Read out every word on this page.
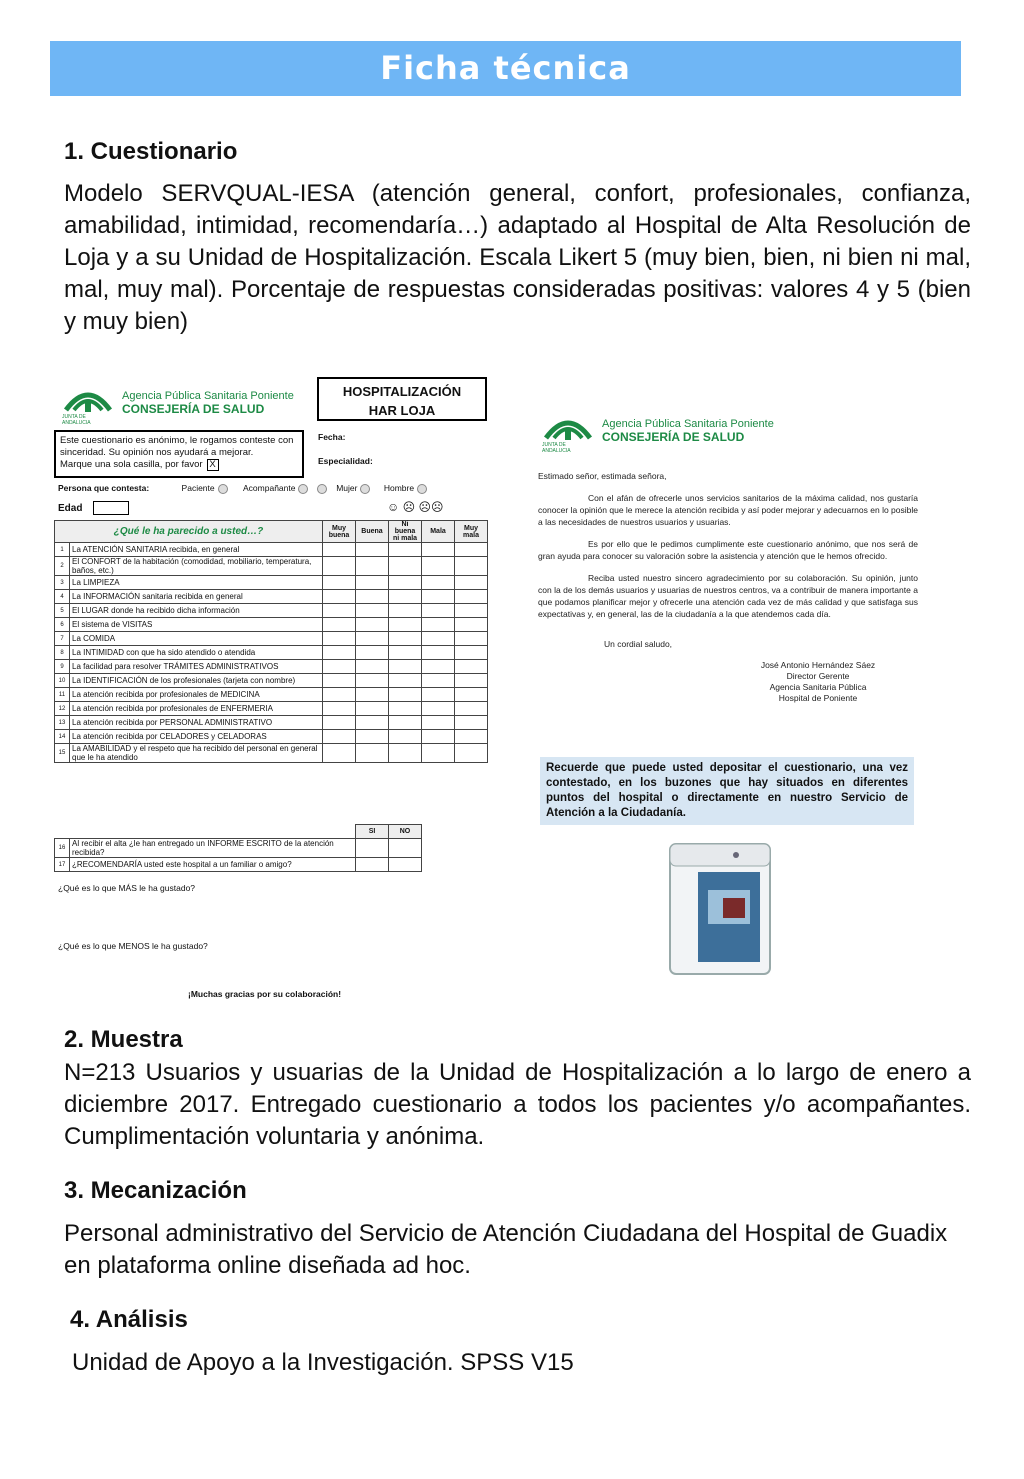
Ficha técnica
1. Cuestionario
Modelo SERVQUAL-IESA (atención general, confort, profesionales, confianza, amabilidad, intimidad, recomendaría…) adaptado al Hospital de Alta Resolución de Loja y a su Unidad de Hospitalización. Escala Likert 5 (muy bien, bien, ni bien ni mal, mal, muy mal). Porcentaje de respuestas consideradas positivas: valores 4 y 5 (bien y muy bien)
JUNTA DE ANDALUCIA
Agencia Pública Sanitaria Poniente
CONSEJERÍA DE SALUD
HOSPITALIZACIÓN
HAR LOJA
Este cuestionario es anónimo, le rogamos conteste con sinceridad. Su opinión nos ayudará a mejorar.
Marque una sola casilla, por favor X
Fecha:
Especialidad:
Persona que contesta:	Paciente	Acompañante	Mujer	Hombre
Edad	☺ ☹ ☹☹
¿Qué le ha parecido a usted…?		Muy buena	Buena	Ni buena ni mala	Mala	Muy mala
1	La ATENCIÓN SANITARIA recibida, en general					
2	El CONFORT de la habitación (comodidad, mobiliario, temperatura, baños, etc.)					
3	La LIMPIEZA					
4	La INFORMACIÓN sanitaria recibida en general					
5	El LUGAR donde ha recibido dicha información					
6	El sistema de VISITAS					
7	La COMIDA					
8	La INTIMIDAD con que ha sido atendido o atendida					
9	La facilidad para resolver TRÁMITES ADMINISTRATIVOS					
10	La IDENTIFICACIÓN de los profesionales (tarjeta con nombre)					
11	La atención recibida por profesionales de MEDICINA					
12	La atención recibida por profesionales de ENFERMERIA					
13	La atención recibida por PERSONAL ADMINISTRATIVO					
14	La atención recibida por CELADORES y CELADORAS					
15	La AMABILIDAD y el respeto que ha recibido del personal en general que le ha atendido					
		SI	NO
16	Al recibir el alta ¿le han entregado un INFORME ESCRITO de la atención recibida?		
17	¿RECOMENDARÍA usted este hospital a un familiar o amigo?		
¿Qué es lo que MÁS le ha gustado?
¿Qué es lo que MENOS le ha gustado?
¡Muchas gracias por su colaboración!
JUNTA DE ANDALUCIA
Agencia Pública Sanitaria Poniente
CONSEJERÍA DE SALUD
Estimado señor, estimada señora,

Con el afán de ofrecerle unos servicios sanitarios de la máxima calidad, nos gustaría conocer la opinión que le merece la atención recibida y así poder mejorar y adecuarnos en lo posible a las necesidades de nuestros usuarios y usuarias.

Es por ello que le pedimos cumplimente este cuestionario anónimo, que nos será de gran ayuda para conocer su valoración sobre la asistencia y atención que le hemos ofrecido.

Reciba usted nuestro sincero agradecimiento por su colaboración. Su opinión, junto con la de los demás usuarios y usuarias de nuestros centros, va a contribuir de manera importante a que podamos planificar mejor y ofrecerle una atención cada vez de más calidad y que satisfaga sus expectativas y, en general, las de la ciudadanía a la que atendemos cada día.

Un cordial saludo,
José Antonio Hernández Sáez
Director Gerente
Agencia Sanitaria Pública
Hospital de Poniente
Recuerde que puede usted depositar el cuestionario, una vez contestado, en los buzones que hay situados en diferentes puntos del hospital o directamente en nuestro Servicio de Atención a la Ciudadanía.
2. Muestra
N=213 Usuarios y usuarias de la Unidad de Hospitalización a lo largo de enero a diciembre 2017. Entregado cuestionario a todos los pacientes y/o acompañantes. Cumplimentación voluntaria y anónima.
3. Mecanización
Personal administrativo del Servicio de Atención Ciudadana del Hospital de Guadix en plataforma online diseñada ad hoc.
4. Análisis
Unidad de Apoyo a la Investigación. SPSS V15
